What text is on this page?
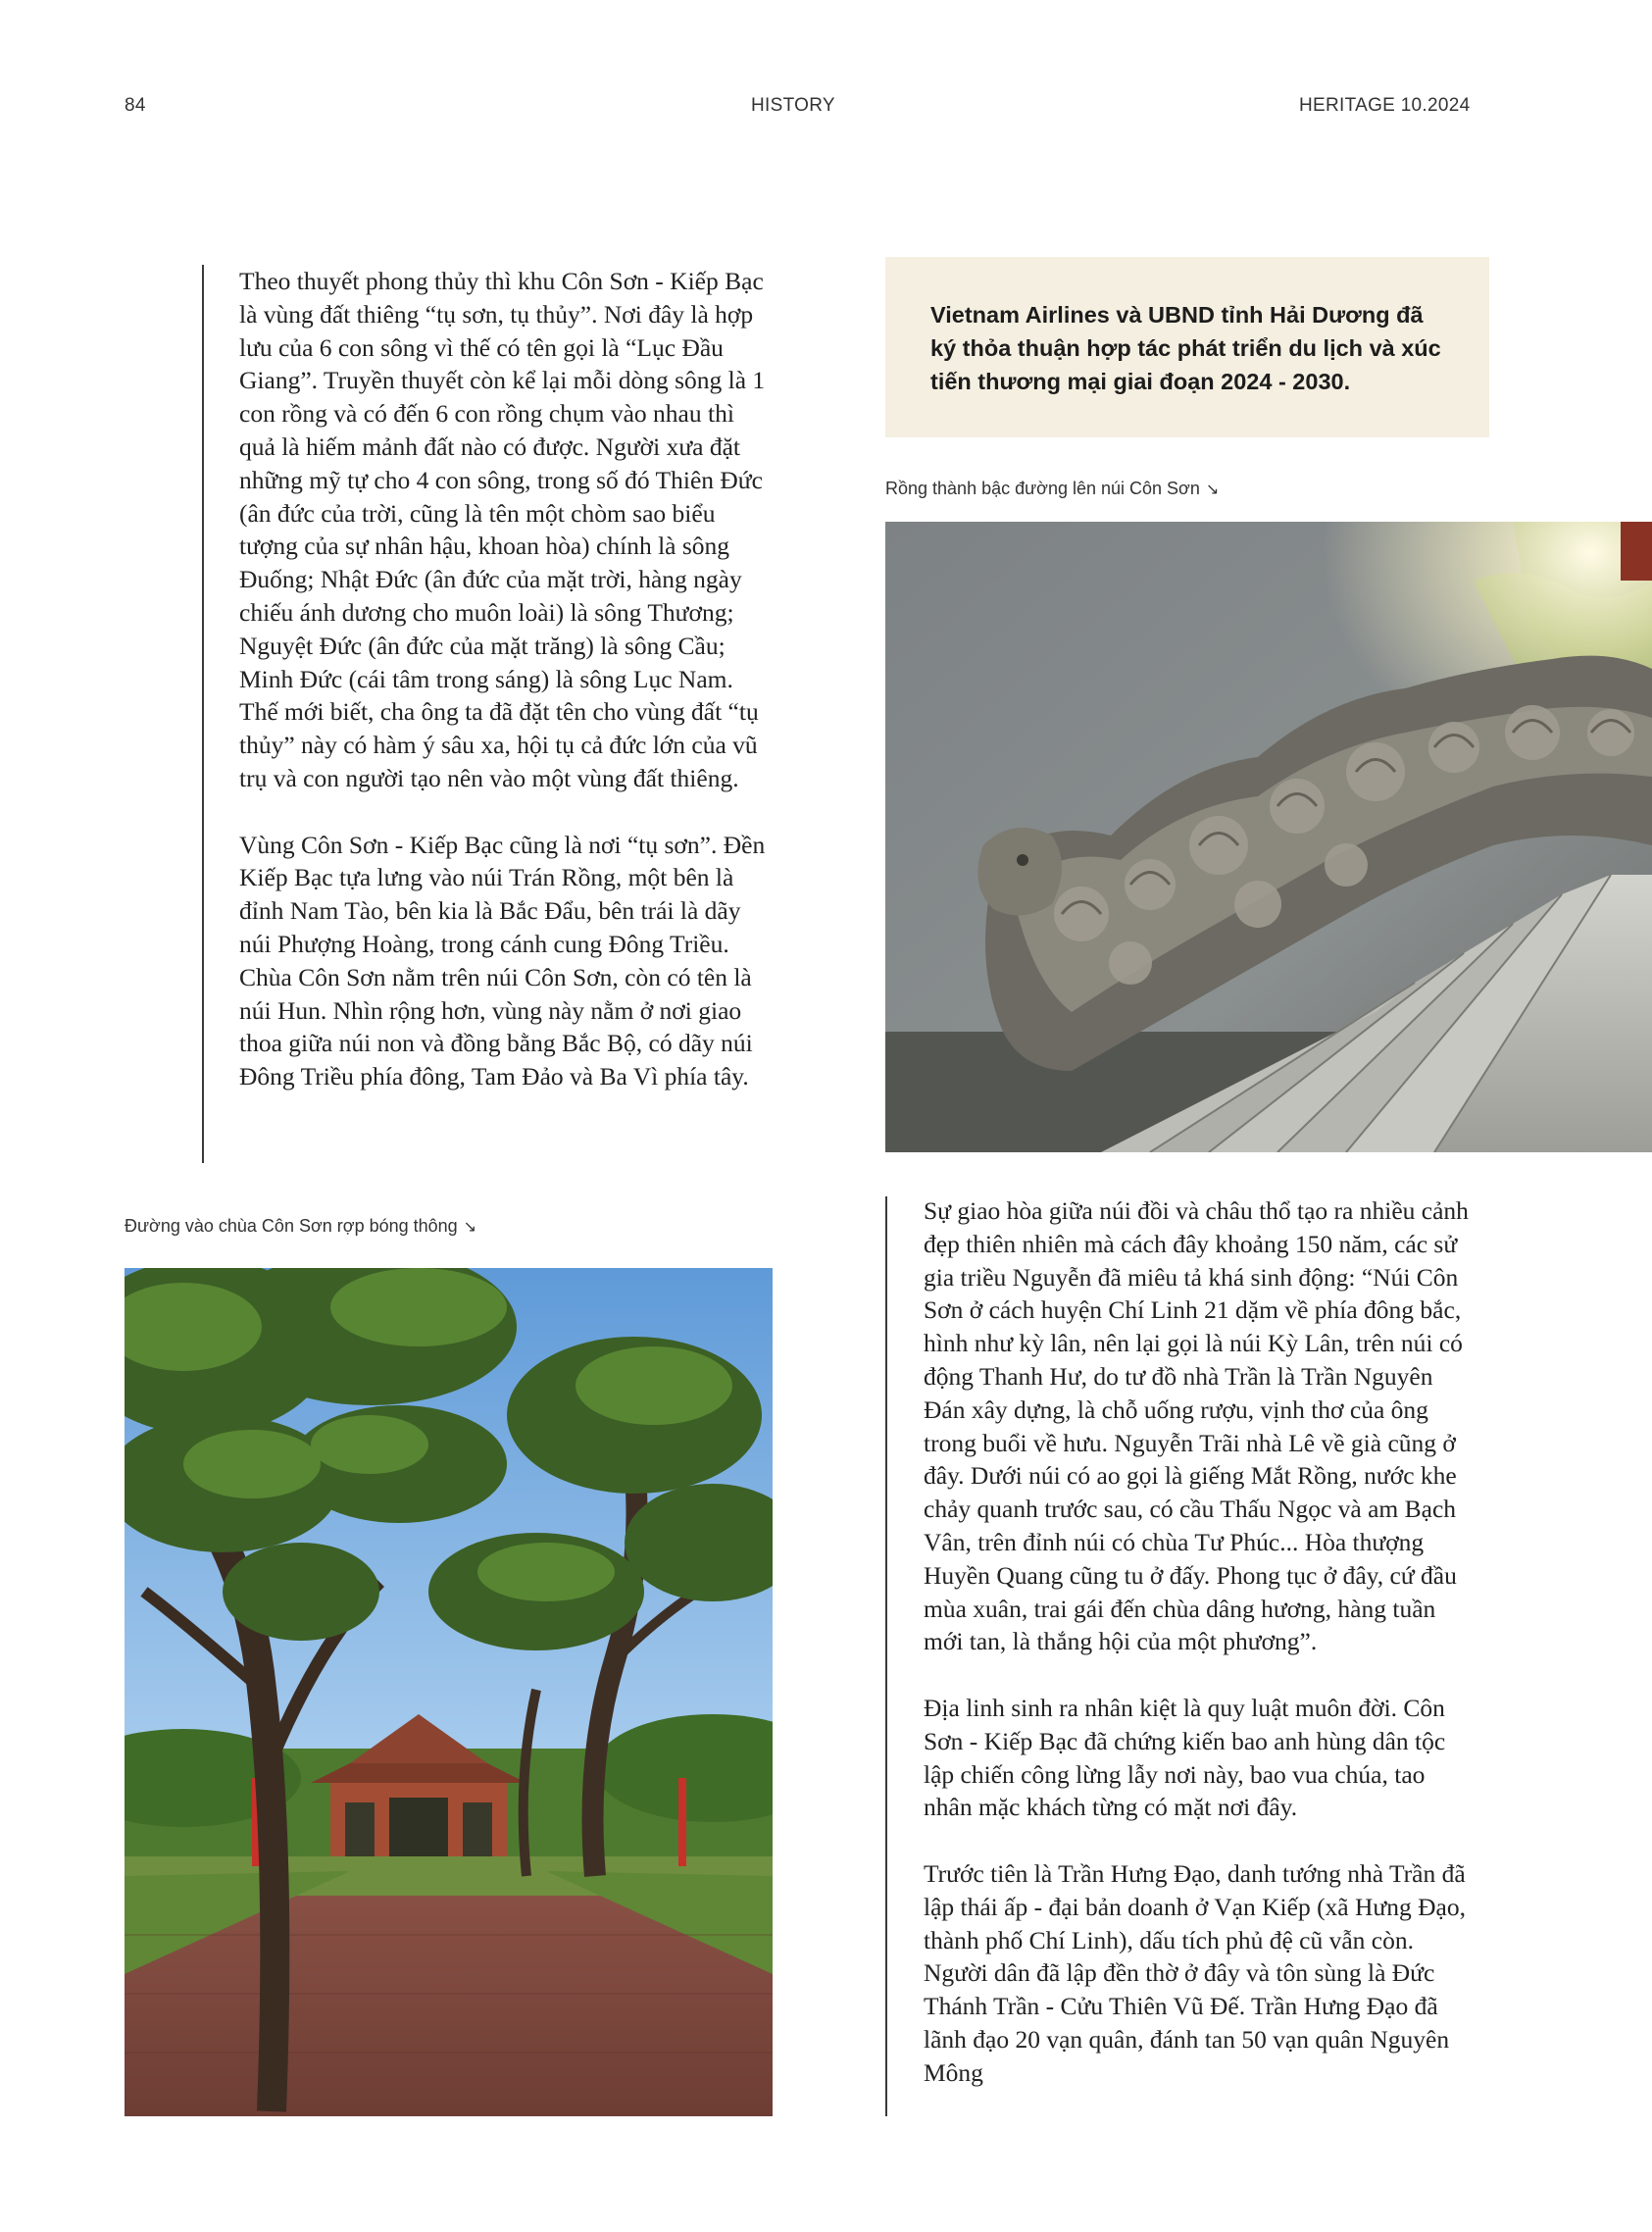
84	HISTORY	HERITAGE 10.2024

Theo thuyết phong thủy thì khu Côn Sơn - Kiếp Bạc là vùng đất thiêng “tụ sơn, tụ thủy”. Nơi đây là hợp lưu của 6 con sông vì thế có tên gọi là “Lục Đầu Giang”. Truyền thuyết còn kể lại mỗi dòng sông là 1 con rồng và có đến 6 con rồng chụm vào nhau thì quả là hiếm mảnh đất nào có được. Người xưa đặt những mỹ tự cho 4 con sông, trong số đó Thiên Đức (ân đức của trời, cũng là tên một chòm sao biểu tượng của sự nhân hậu, khoan hòa) chính là sông Đuống; Nhật Đức (ân đức của mặt trời, hàng ngày chiếu ánh dương cho muôn loài) là sông Thương; Nguyệt Đức (ân đức của mặt trăng) là sông Cầu; Minh Đức (cái tâm trong sáng) là sông Lục Nam. Thế mới biết, cha ông ta đã đặt tên cho vùng đất “tụ thủy” này có hàm ý sâu xa, hội tụ cả đức lớn của vũ trụ và con người tạo nên vào một vùng đất thiêng.

Vùng Côn Sơn - Kiếp Bạc cũng là nơi “tụ sơn”. Đền Kiếp Bạc tựa lưng vào núi Trán Rồng, một bên là đỉnh Nam Tào, bên kia là Bắc Đẩu, bên trái là dãy núi Phượng Hoàng, trong cánh cung Đông Triều. Chùa Côn Sơn nằm trên núi Côn Sơn, còn có tên là núi Hun. Nhìn rộng hơn, vùng này nằm ở nơi giao thoa giữa núi non và đồng bằng Bắc Bộ, có dãy núi Đông Triều phía đông, Tam Đảo và Ba Vì phía tây.

Vietnam Airlines và UBND tỉnh Hải Dương đã ký thỏa thuận hợp tác phát triển du lịch và xúc tiến thương mại giai đoạn 2024 - 2030.
Rồng thành bậc đường lên núi Côn Sơn ↘
Đường vào chùa Côn Sơn rợp bóng thông ↘

Sự giao hòa giữa núi đồi và châu thổ tạo ra nhiều cảnh đẹp thiên nhiên mà cách đây khoảng 150 năm, các sử gia triều Nguyễn đã miêu tả khá sinh động: “Núi Côn Sơn ở cách huyện Chí Linh 21 dặm về phía đông bắc, hình như kỳ lân, nên lại gọi là núi Kỳ Lân, trên núi có động Thanh Hư, do tư đồ nhà Trần là Trần Nguyên Đán xây dựng, là chỗ uống rượu, vịnh thơ của ông trong buổi về hưu. Nguyễn Trãi nhà Lê về già cũng ở đây. Dưới núi có ao gọi là giếng Mắt Rồng, nước khe chảy quanh trước sau, có cầu Thấu Ngọc và am Bạch Vân, trên đỉnh núi có chùa Tư Phúc... Hòa thượng Huyền Quang cũng tu ở đấy. Phong tục ở đây, cứ đầu mùa xuân, trai gái đến chùa dâng hương, hàng tuần mới tan, là thắng hội của một phương”.

Địa linh sinh ra nhân kiệt là quy luật muôn đời. Côn Sơn - Kiếp Bạc đã chứng kiến bao anh hùng dân tộc lập chiến công lừng lẫy nơi này, bao vua chúa, tao nhân mặc khách từng có mặt nơi đây.

Trước tiên là Trần Hưng Đạo, danh tướng nhà Trần đã lập thái ấp - đại bản doanh ở Vạn Kiếp (xã Hưng Đạo, thành phố Chí Linh), dấu tích phủ đệ cũ vẫn còn. Người dân đã lập đền thờ ở đây và tôn sùng là Đức Thánh Trần - Cửu Thiên Vũ Đế. Trần Hưng Đạo đã lãnh đạo 20 vạn quân, đánh tan 50 vạn quân Nguyên Mông
